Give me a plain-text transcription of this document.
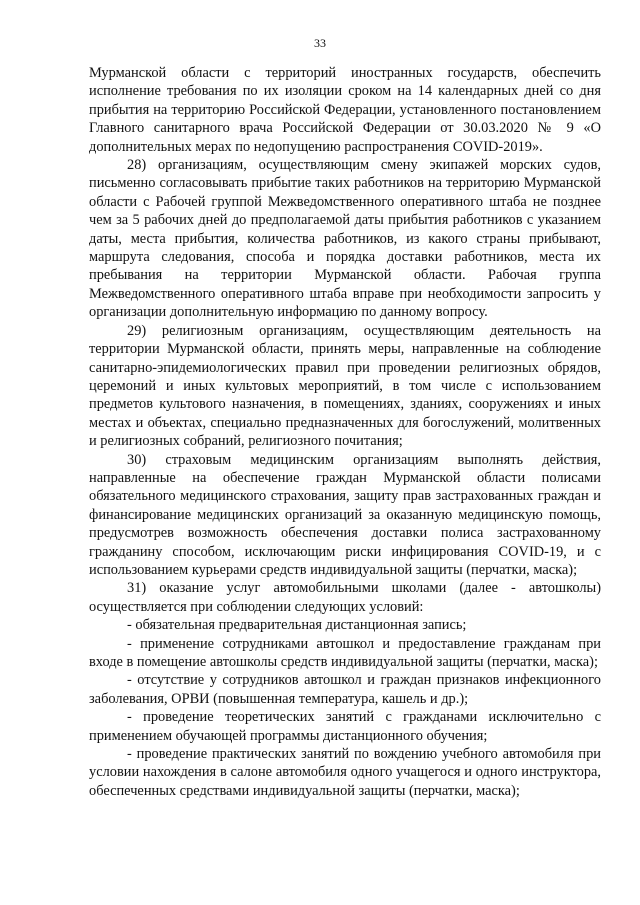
33

Мурманской области с территорий иностранных государств, обеспечить исполнение требования по их изоляции сроком на 14 календарных дней со дня прибытия на территорию Российской Федерации, установленного постановлением Главного санитарного врача Российской Федерации от 30.03.2020 № 9 «О дополнительных мерах по недопущению распространения COVID-2019».

28) организациям, осуществляющим смену экипажей морских судов, письменно согласовывать прибытие таких работников на территорию Мурманской области с Рабочей группой Межведомственного оперативного штаба не позднее чем за 5 рабочих дней до предполагаемой даты прибытия работников с указанием даты, места прибытия, количества работников, из какого страны прибывают, маршрута следования, способа и порядка доставки работников, места их пребывания на территории Мурманской области. Рабочая группа Межведомственного оперативного штаба вправе при необходимости запросить у организации дополнительную информацию по данному вопросу.

29) религиозным организациям, осуществляющим деятельность на территории Мурманской области, принять меры, направленные на соблюдение санитарно-эпидемиологических правил при проведении религиозных обрядов, церемоний и иных культовых мероприятий, в том числе с использованием предметов культового назначения, в помещениях, зданиях, сооружениях и иных местах и объектах, специально предназначенных для богослужений, молитвенных и религиозных собраний, религиозного почитания;

30) страховым медицинским организациям выполнять действия, направленные на обеспечение граждан Мурманской области полисами обязательного медицинского страхования, защиту прав застрахованных граждан и финансирование медицинских организаций за оказанную медицинскую помощь, предусмотрев возможность обеспечения доставки полиса застрахованному гражданину способом, исключающим риски инфицирования COVID-19, и с использованием курьерами средств индивидуальной защиты (перчатки, маска);

31) оказание услуг автомобильными школами (далее - автошколы) осуществляется при соблюдении следующих условий:

- обязательная предварительная дистанционная запись;

- применение сотрудниками автошкол и предоставление гражданам при входе в помещение автошколы средств индивидуальной защиты (перчатки, маска);

- отсутствие у сотрудников автошкол и граждан признаков инфекционного заболевания, ОРВИ (повышенная температура, кашель и др.);

- проведение теоретических занятий с гражданами исключительно с применением обучающей программы дистанционного обучения;

- проведение практических занятий по вождению учебного автомобиля при условии нахождения в салоне автомобиля одного учащегося и одного инструктора, обеспеченных средствами индивидуальной защиты (перчатки, маска);
